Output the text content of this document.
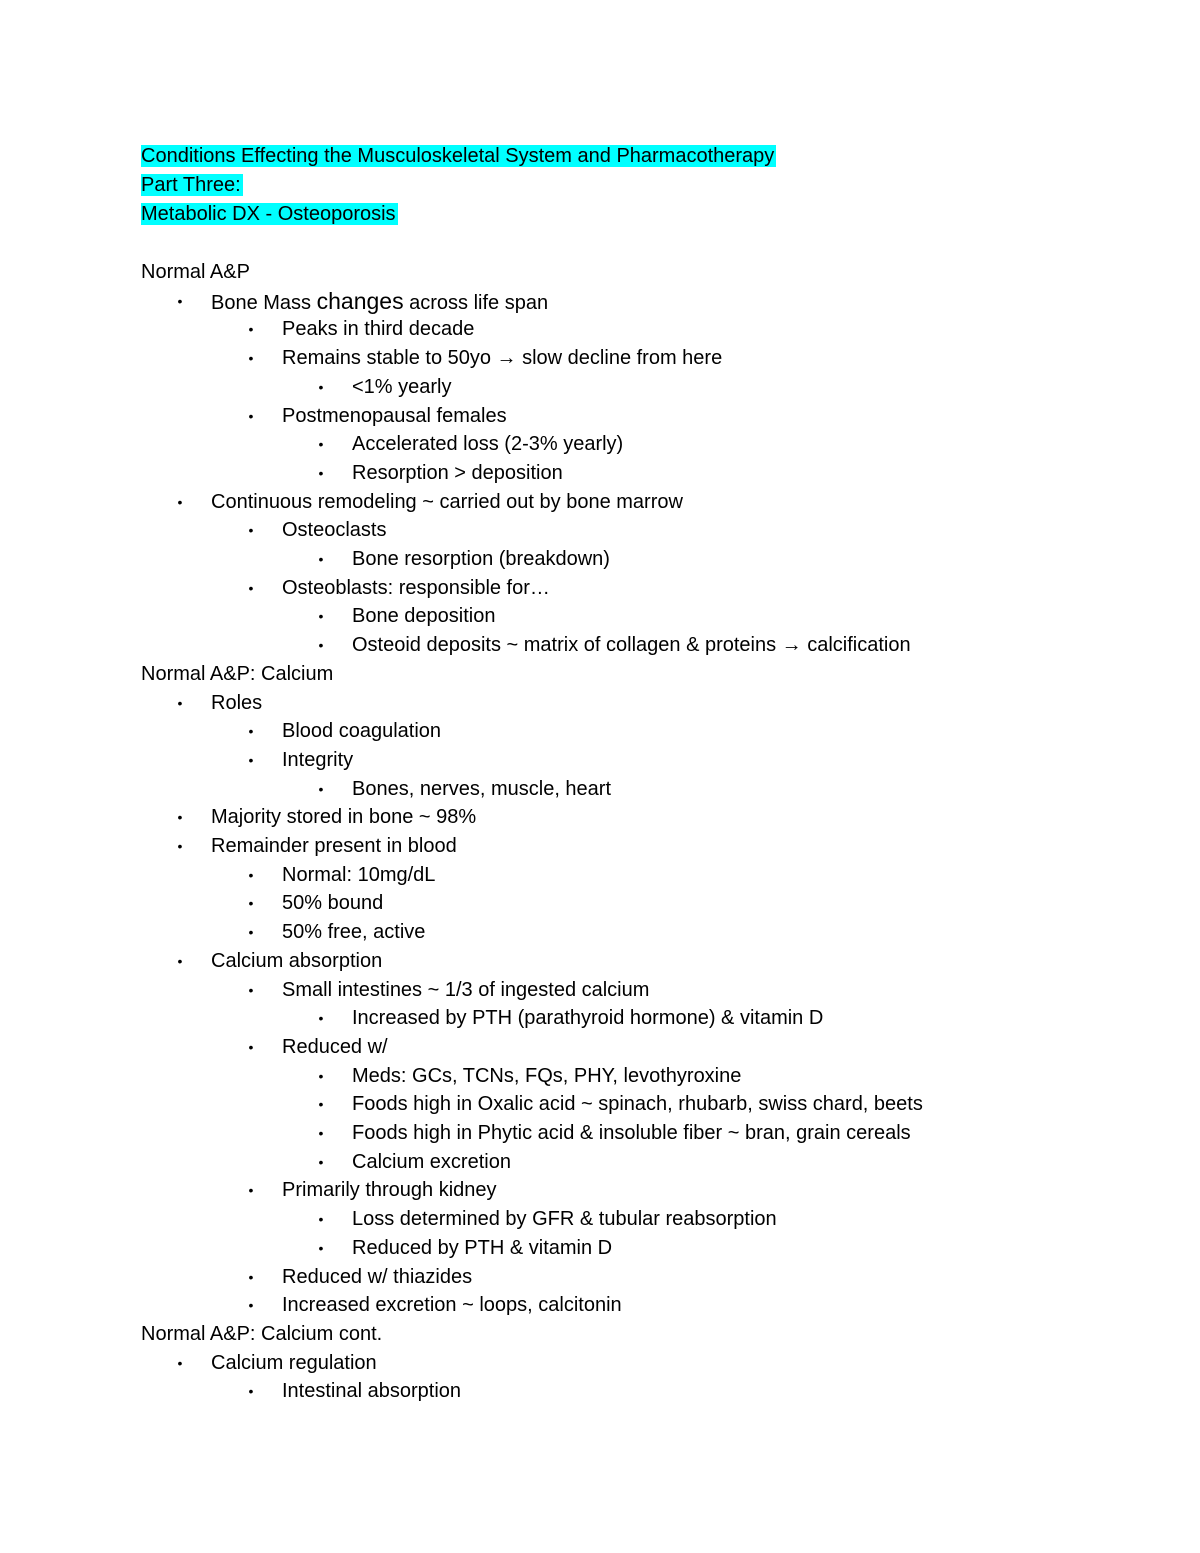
Conditions Effecting the Musculoskeletal System and Pharmacotherapy
Part Three:
Metabolic DX - Osteoporosis
Normal A&P
Bone Mass changes across life span
•
Peaks in third decade
•
Remains stable to 50yo → slow decline from here
•
<1% yearly
•
Postmenopausal females
•
Accelerated loss (2-3% yearly)
•
Resorption > deposition
•
Continuous remodeling ~ carried out by bone marrow
•
Osteoclasts
•
Bone resorption (breakdown)
•
Osteoblasts: responsible for…
•
Bone deposition
•
Osteoid deposits ~ matrix of collagen & proteins → calcification
•
Normal A&P: Calcium
Roles
•
Blood coagulation
•
Integrity
•
Bones, nerves, muscle, heart
•
Majority stored in bone ~ 98%
•
Remainder present in blood
•
Normal: 10mg/dL
•
50% bound
•
50% free, active
•
Calcium absorption
•
Small intestines ~ 1/3 of ingested calcium
•
Increased by PTH (parathyroid hormone) & vitamin D
•
Reduced w/
•
Meds: GCs, TCNs, FQs, PHY, levothyroxine
•
Foods high in Oxalic acid ~ spinach, rhubarb, swiss chard, beets
•
Foods high in Phytic acid & insoluble fiber ~ bran, grain cereals
•
Calcium excretion
•
Primarily through kidney
•
Loss determined by GFR & tubular reabsorption
•
Reduced by PTH & vitamin D
•
Reduced w/ thiazides
•
Increased excretion ~ loops, calcitonin
•
Normal A&P: Calcium cont.
Calcium regulation
•
Intestinal absorption
•
